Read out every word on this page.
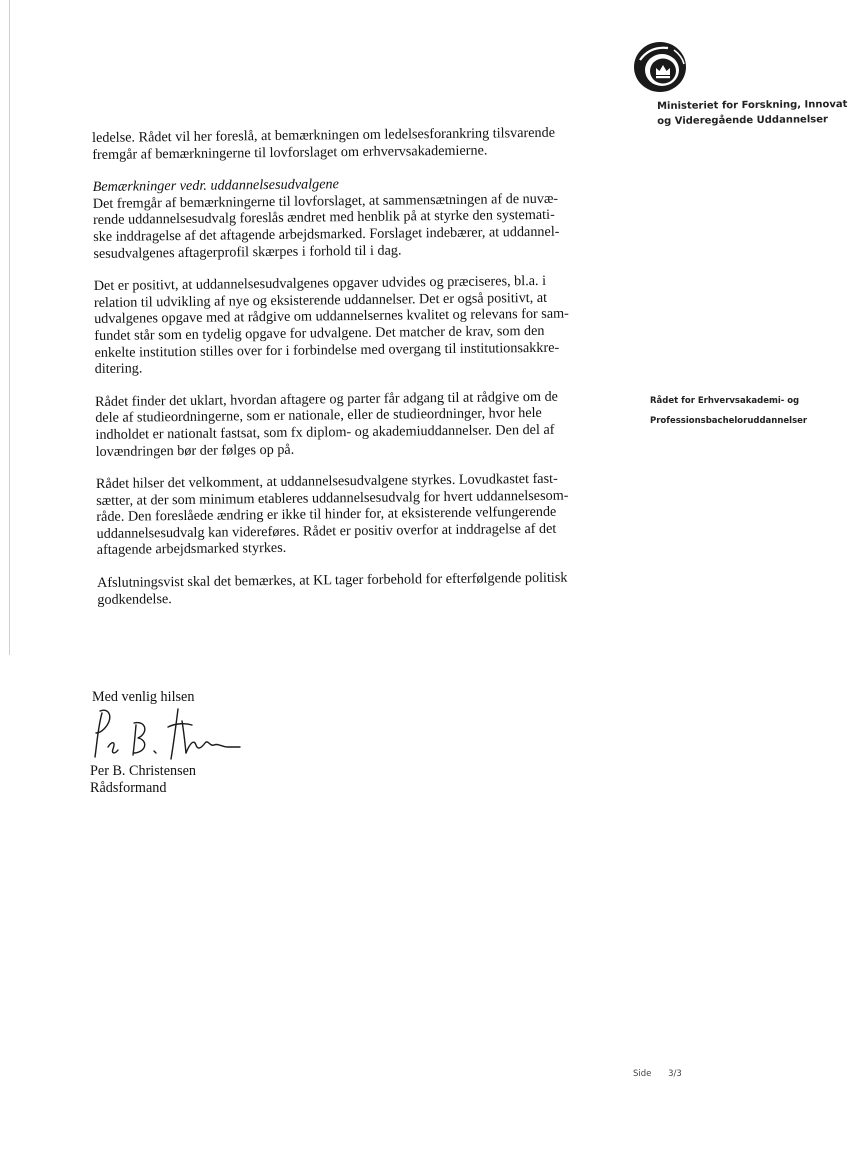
Ministeriet for Forskning, Innovat
og Videregående Uddannelser
Rådet for Erhvervsakademi- og
Professionsbacheloruddannelser
ledelse. Rådet vil her foreslå, at bemærkningen om ledelsesforankring tilsvarende
fremgår af bemærkningerne til lovforslaget om erhvervsakademierne.
Bemærkninger vedr. uddannelsesudvalgene
Det fremgår af bemærkningerne til lovforslaget, at sammensætningen af de nuvæ-
rende uddannelsesudvalg foreslås ændret med henblik på at styrke den systemati-
ske inddragelse af det aftagende arbejdsmarked. Forslaget indebærer, at uddannel-
sesudvalgenes aftagerprofil skærpes i forhold til i dag.
Det er positivt, at uddannelsesudvalgenes opgaver udvides og præciseres, bl.a. i
relation til udvikling af nye og eksisterende uddannelser. Det er også positivt, at
udvalgenes opgave med at rådgive om uddannelsernes kvalitet og relevans for sam-
fundet står som en tydelig opgave for udvalgene. Det matcher de krav, som den
enkelte institution stilles over for i forbindelse med overgang til institutionsakkre-
ditering.
Rådet finder det uklart, hvordan aftagere og parter får adgang til at rådgive om de
dele af studieordningerne, som er nationale, eller de studieordninger, hvor hele
indholdet er nationalt fastsat, som fx diplom- og akademiuddannelser. Den del af
lovændringen bør der følges op på.
Rådet hilser det velkomment, at uddannelsesudvalgene styrkes. Lovudkastet fast-
sætter, at der som minimum etableres uddannelsesudvalg for hvert uddannelsesom-
råde. Den foreslåede ændring er ikke til hinder for, at eksisterende velfungerende
uddannelsesudvalg kan videreføres. Rådet er positiv overfor at inddragelse af det
aftagende arbejdsmarked styrkes.
Afslutningsvist skal det bemærkes, at KL tager forbehold for efterfølgende politisk
godkendelse.
Med venlig hilsen
Per B. Christensen
Rådsformand
Side 3/3
